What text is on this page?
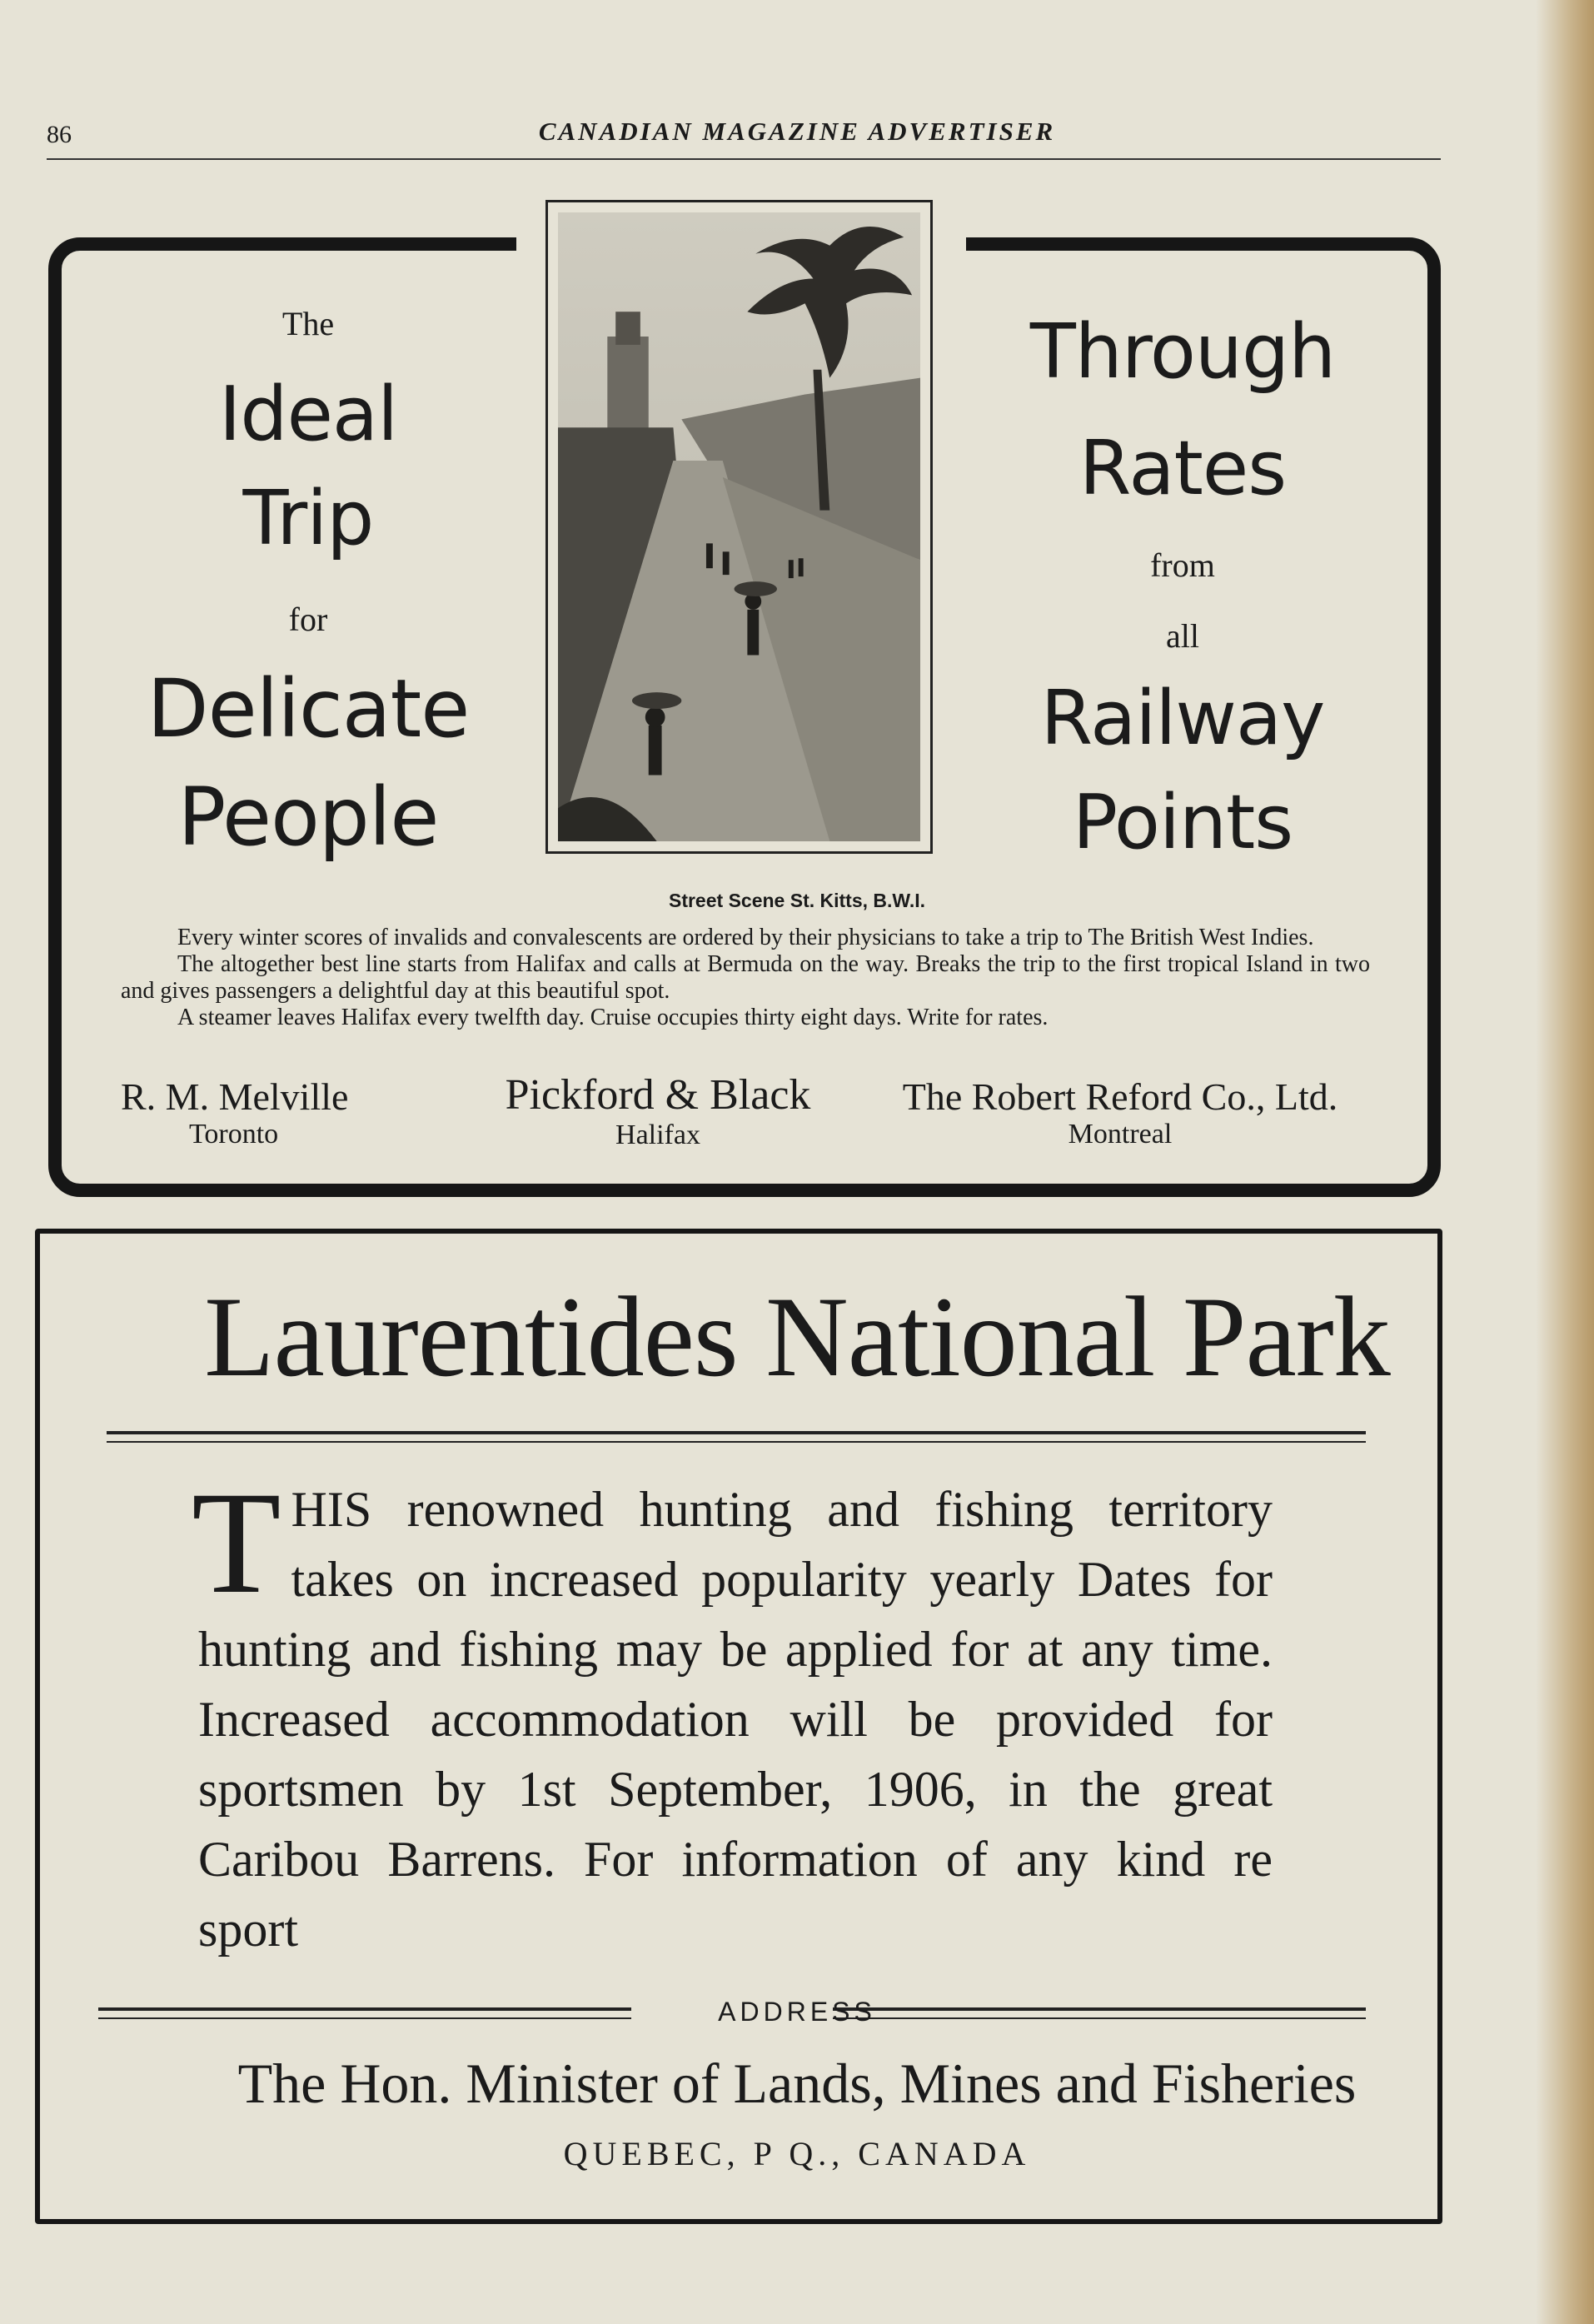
86	CANADIAN MAGAZINE ADVERTISER
Street Scene St. Kitts, B.W.I.
The
Ideal
Trip
for
Delicate
People
Through
Rates
from
all
Railway
Points
Every winter scores of invalids and convalescents are ordered by their physicians to take a trip to The British West Indies.
The altogether best line starts from Halifax and calls at Bermuda on the way. Breaks the trip to the first tropical Island in two and gives passengers a delightful day at this beautiful spot.
A steamer leaves Halifax every twelfth day. Cruise occupies thirty eight days. Write for rates.
R. M. Melville
Toronto
Pickford & Black
Halifax
The Robert Reford Co., Ltd.
Montreal
Laurentides National Park
THIS renowned hunting and fishing territory takes on increased popularity yearly Dates for hunting and fishing may be applied for at any time. Increased accommodation will be provided for sportsmen by 1st September, 1906, in the great Caribou Barrens. For information of any kind re sport
ADDRESS
The Hon. Minister of Lands, Mines and Fisheries
QUEBEC, P Q., CANADA
